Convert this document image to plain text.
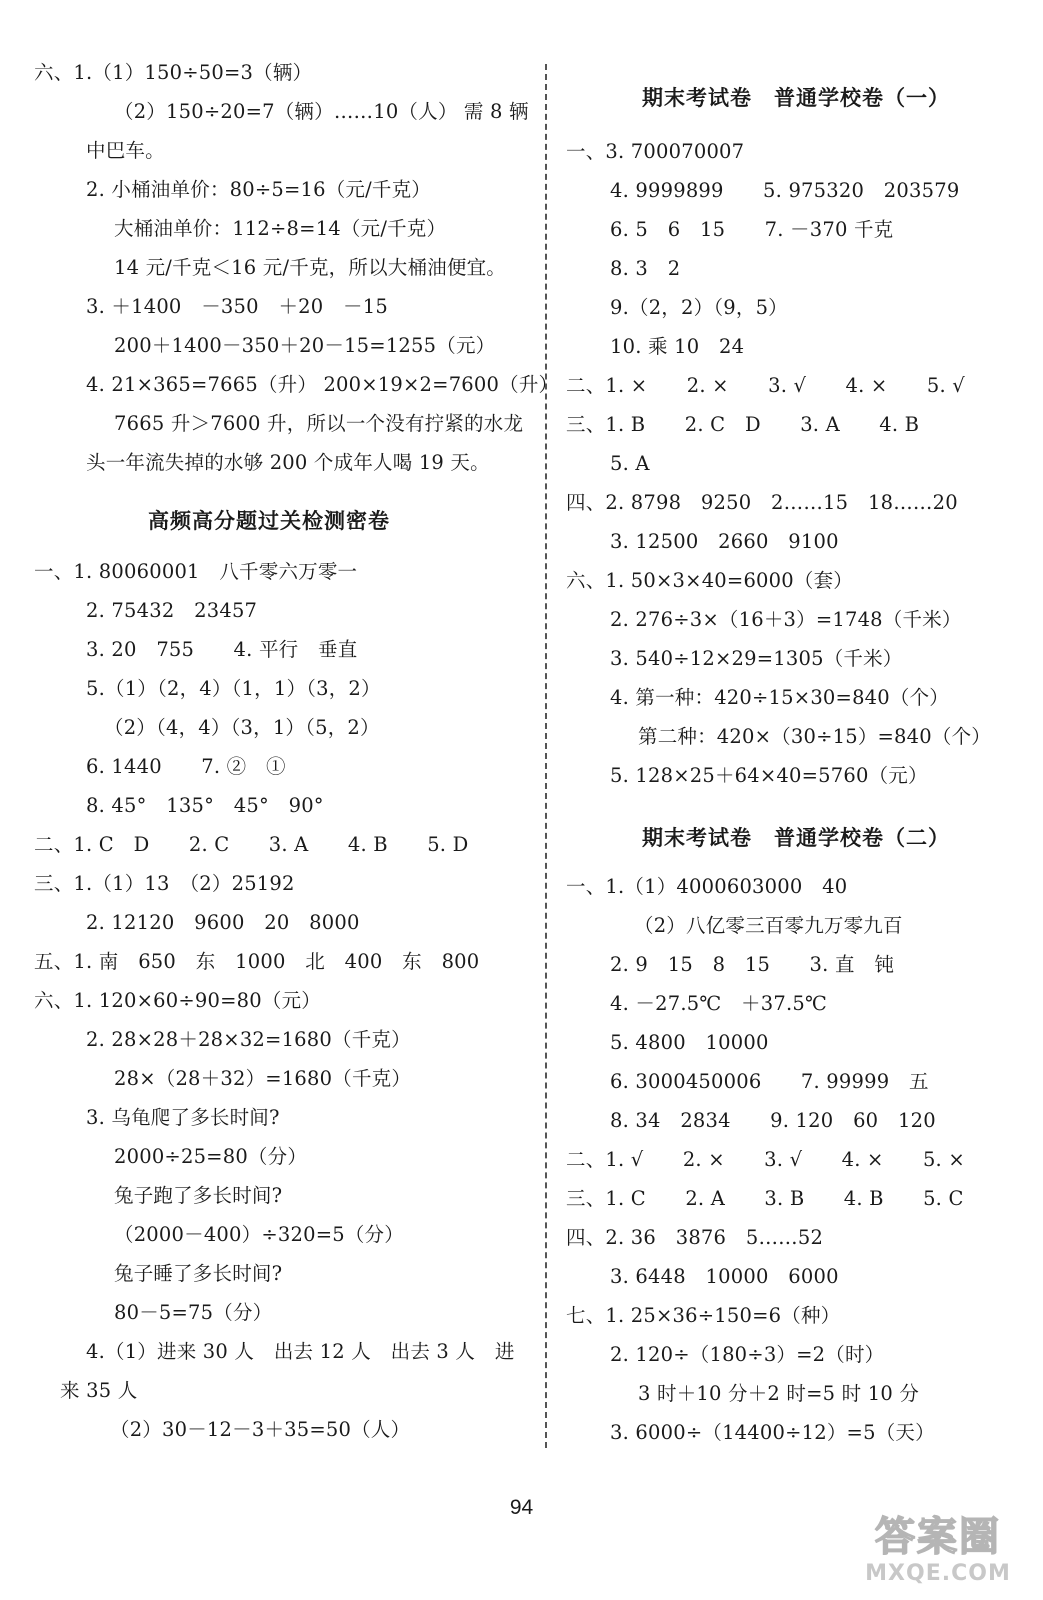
六、1.（1）150÷50=3（辆）
（2）150÷20=7（辆）……10（人） 需 8 辆
中巴车。
2. 小桶油单价：80÷5=16（元/千克）
大桶油单价：112÷8=14（元/千克）
14 元/千克＜16 元/千克，所以大桶油便宜。
3. ＋1400　－350　＋20　－15
200＋1400－350＋20－15=1255（元）
4. 21×365=7665（升） 200×19×2=7600（升）
7665 升＞7600 升，所以一个没有拧紧的水龙
头一年流失掉的水够 200 个成年人喝 19 天。
高频高分题过关检测密卷
一、1. 80060001　八千零六万零一
2. 75432　23457
3. 20　755　　4. 平行　垂直
5.（1）（2，4）（1，1）（3，2）
（2）（4，4）（3，1）（5，2）
6. 1440　　7. ②　①
8. 45°　135°　45°　90°
二、1. C　D　　2. C　　3. A　　4. B　　5. D
三、1.（1）13　（2）25192
2. 12120　9600　20　8000
五、1. 南　650　东　1000　北　400　东　800
六、1. 120×60÷90=80（元）
2. 28×28＋28×32=1680（千克）
28×（28＋32）=1680（千克）
3. 乌龟爬了多长时间?
2000÷25=80（分）
兔子跑了多长时间?
（2000－400）÷320=5（分）
兔子睡了多长时间?
80－5=75（分）
4.（1）进来 30 人　出去 12 人　出去 3 人　进
来 35 人
（2）30－12－3＋35=50（人）
期末考试卷　普通学校卷（一）
一、3. 700070007
4. 9999899　　5. 975320　203579
6. 5　6　15　　7. －370 千克
8. 3　2
9.（2，2）（9，5）
10. 乘 10　24
二、1. ×　　2. ×　　3. √　　4. ×　　5. √
三、1. B　　2. C　D　　3. A　　4. B
5. A
四、2. 8798　9250　2……15　18……20
3. 12500　2660　9100
六、1. 50×3×40=6000（套）
2. 276÷3×（16＋3）=1748（千米）
3. 540÷12×29=1305（千米）
4. 第一种：420÷15×30=840（个）
第二种：420×（30÷15）=840（个）
5. 128×25＋64×40=5760（元）
期末考试卷　普通学校卷（二）
一、1.（1）4000603000　40
（2）八亿零三百零九万零九百
2. 9　15　8　15　　3. 直　钝
4. －27.5℃　＋37.5℃
5. 4800　10000
6. 3000450006　　7. 99999　五
8. 34　2834　　9. 120　60　120
二、1. √　　2. ×　　3. √　　4. ×　　5. ×
三、1. C　　2. A　　3. B　　4. B　　5. C
四、2. 36　3876　5……52
3. 6448　10000　6000
七、1. 25×36÷150=6（种）
2. 120÷（180÷3）=2（时）
3 时＋10 分＋2 时=5 时 10 分
3. 6000÷（14400÷12）=5（天）
94
答案圈
MXQE.COM
